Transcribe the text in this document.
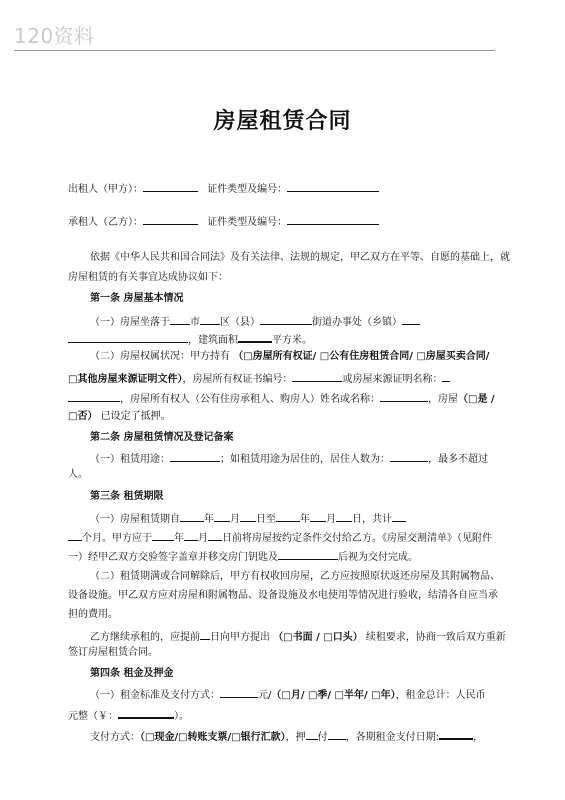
120资料
房屋租赁合同
出租人（甲方）：	证件类型及编号：
承租人（乙方）：	证件类型及编号：
依据《中华人民共和国合同法》及有关法律、法规的规定，甲乙双方在平等、自愿的基础上，就
房屋租赁的有关事宜达成协议如下：
第一条 房屋基本情况
（一）房屋坐落于 市 区（县）	街道办事处（乡镇）
，建筑面积	平方米。
（二）房屋权属状况：甲方持有 （□房屋所有权证/ □公有住房租赁合同/ □房屋买卖合同/
□其他房屋来源证明文件），房屋所有权证书编号：	或房屋来源证明名称：
，房屋所有权人（公有住房承租人、购房人）姓名或名称：	，房屋（□是 /
□否） 已设定了抵押。
第二条 房屋租赁情况及登记备案
（一）租赁用途：	；如租赁用途为居住的，居住人数为：	，最多不超过
人。
第三条 租赁期限
（一）房屋租赁期自 年 月 日至 年 月 日，共计
个月。甲方应于 年 月 日前将房屋按约定条件交付给乙方。《房屋交割清单》（见附件
一）经甲乙双方交验签字盖章并移交房门钥匙及	后视为交付完成。
（二）租赁期满或合同解除后，甲方有权收回房屋，乙方应按照原状返还房屋及其附属物品、
设备设施。甲乙双方应对房屋和附属物品、设备设施及水电使用等情况进行验收，结清各自应当承
担的费用。
乙方继续承租的，应提前 日向甲方提出 （□书面 / □口头） 续租要求，协商一致后双方重新
签订房屋租赁合同。
第四条 租金及押金
（一）租金标准及支付方式：	元/（□月/ □季/ □半年/ □年），租金总计：人民币
元整（￥：	）。
支付方式：（□现金/□转账支票/□银行汇款），押 付 ，各期租金支付日期:	，
